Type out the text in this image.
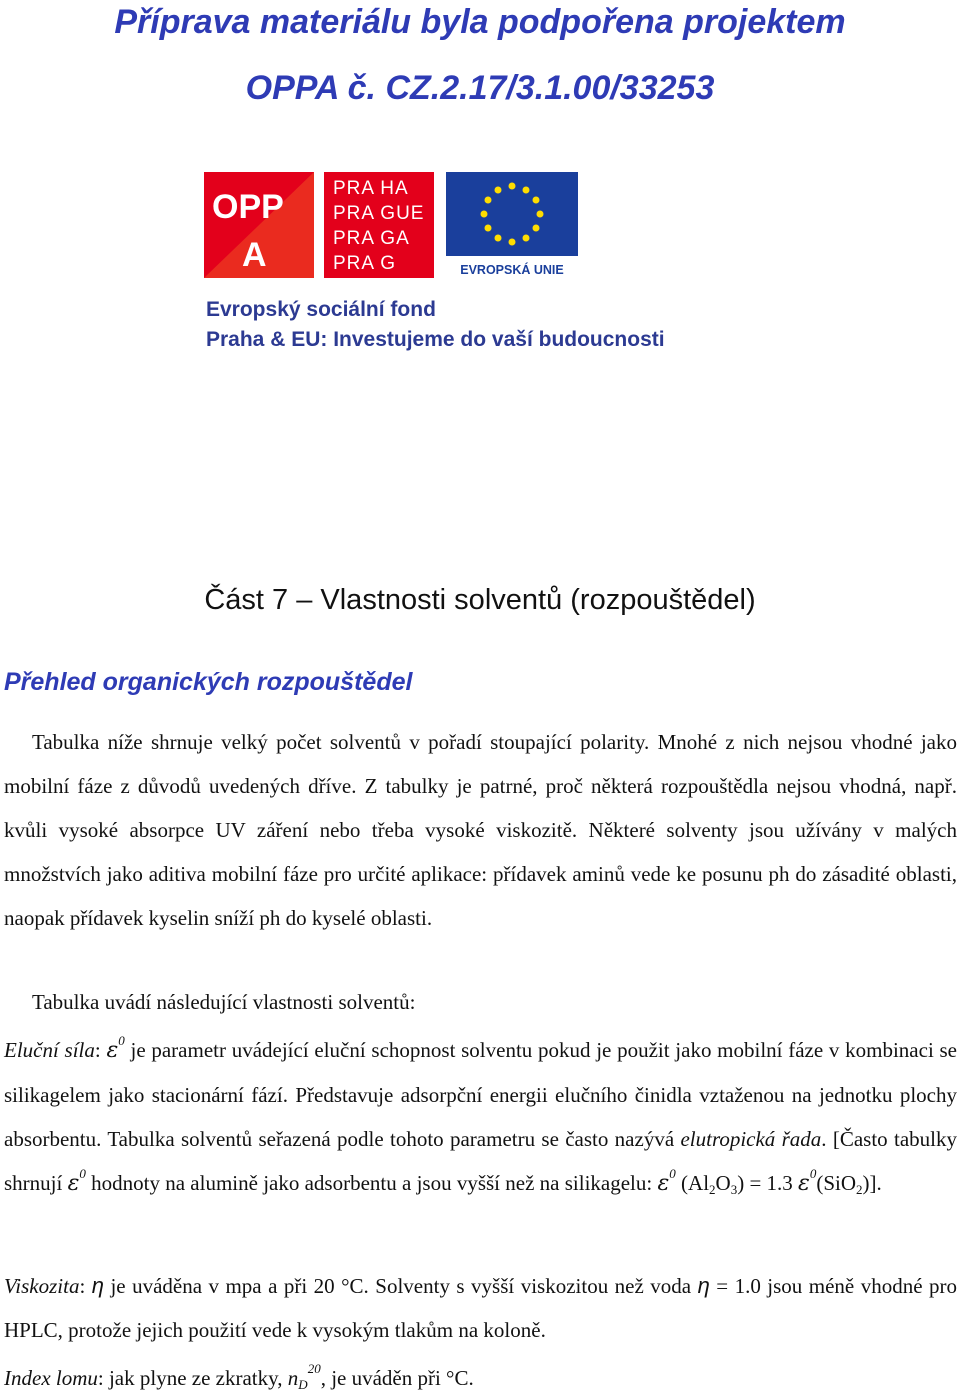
Příprava materiálu byla podpořena projektem
OPPA č. CZ.2.17/3.1.00/33253
OPP
A
PRA HA
PRA GUE
PRA GA
PRA G	EVROPSKÁ UNIE
Evropský sociální fond
Praha & EU: Investujeme do vaší budoucnosti
Část 7 – Vlastnosti solventů (rozpouštědel)
Přehled organických rozpouštědel
Tabulka níže shrnuje velký počet solventů v pořadí stoupající polarity. Mnohé z nich nejsou vhodné jako mobilní fáze z důvodů uvedených dříve. Z tabulky je patrné, proč některá rozpouštědla nejsou vhodná, např. kvůli vysoké absorpce UV záření nebo třeba vysoké viskozitě. Některé solventy jsou užívány v malých množstvích jako aditiva mobilní fáze pro určité aplikace: přídavek aminů vede ke posunu ph do zásadité oblasti, naopak přídavek kyselin sníží ph do kyselé oblasti.
Tabulka uvádí následující vlastnosti solventů:
Eluční síla: $\varepsilon^0$ je parametr uvádející eluční schopnost solventu pokud je použit jako mobilní fáze v kombinaci se silikagelem jako stacionární fází. Představuje adsorpční energii elučního činidla vztaženou na jednotku plochy absorbentu. Tabulka solventů seřazená podle tohoto parametru se často nazývá elutropická řada. [Často tabulky shrnují $\varepsilon^0$ hodnoty na alumině jako adsorbentu a jsou vyšší než na silikagelu: $\varepsilon^0$ $(Al_2O_3) = 1.3$ $\varepsilon^0(SiO_2)$].
Viskozita: η je uváděna v mpa a při 20 °C. Solventy s vyšší viskozitou než voda η = 1.0 jsou méně vhodné pro HPLC, protože jejich použití vede k vysokým tlakům na koloně.
Index lomu: jak plyne ze zkratky, $n_D^{20}$, je uváděn při °C.
